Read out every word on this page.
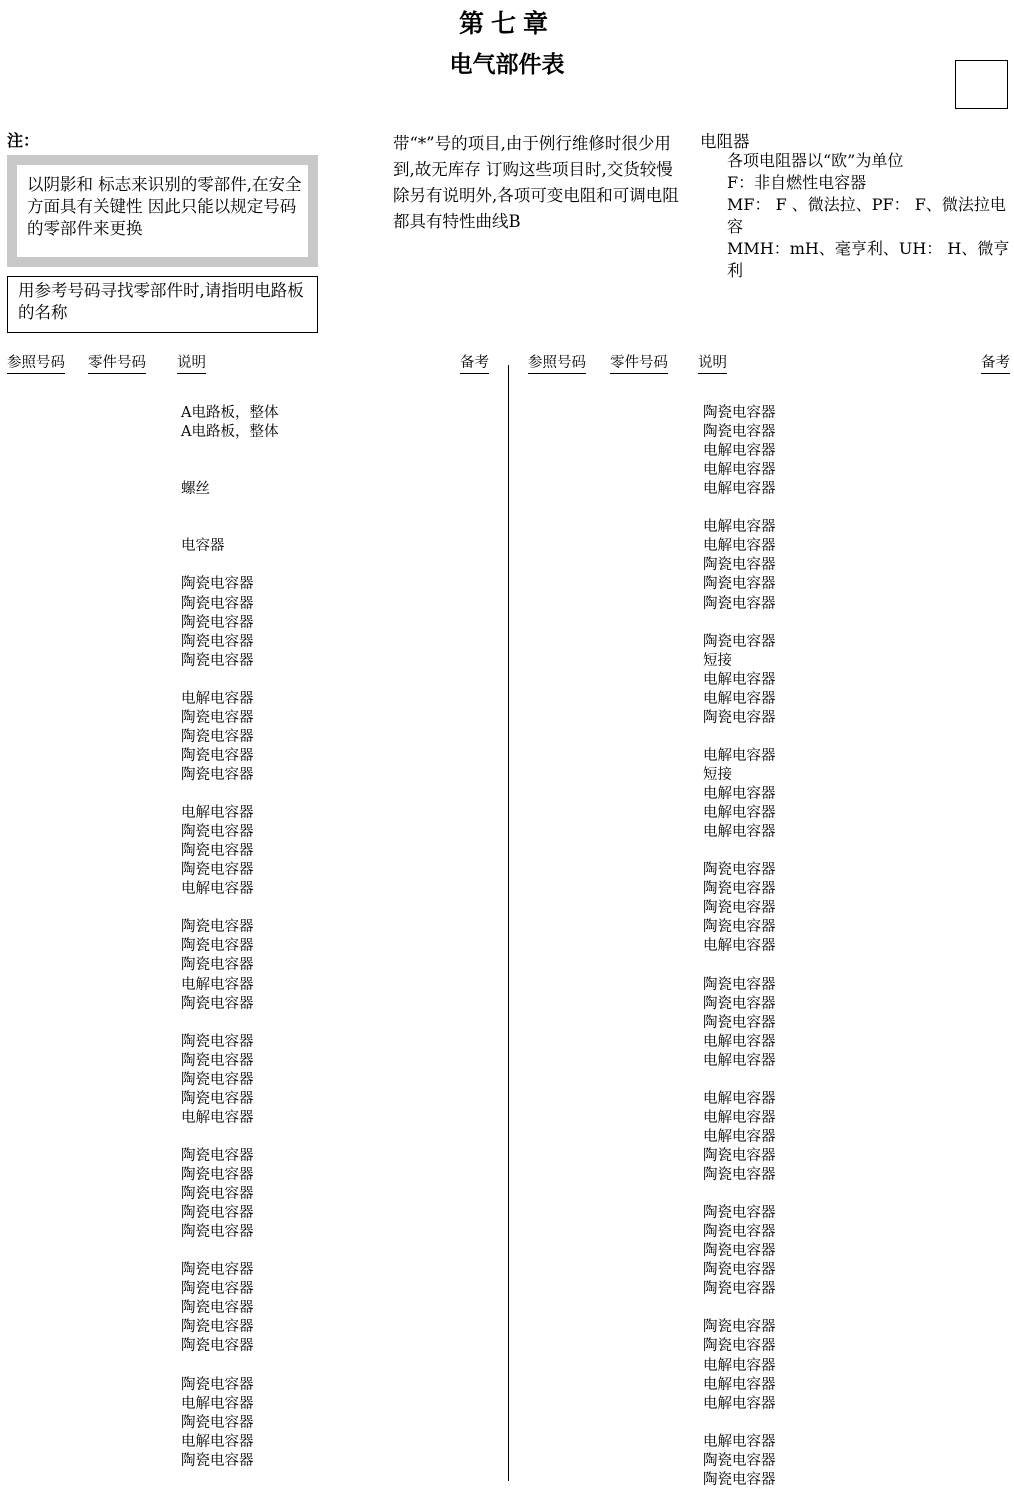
第七章
电气部件表
注：
以阴影和 标志来识别的零部件,在安全方面具有关键性 因此只能以规定号码的零部件来更换
用参考号码寻找零部件时,请指明电路板的名称
带“*”号的项目,由于例行维修时很少用到,故无库存 订购这些项目时,交货较慢
除另有说明外,各项可变电阻和可调电阻都具有特性曲线B
电阻器
各项电阻器以“欧”为单位
F：非自燃性电容器
MF： F 、微法拉、PF： F、微法拉电容
MMH：mH、毫亨利、UH： H、微亨利
参照号码 零件号码 说明	备考	参照号码 零件号码 说明	备考
A电路板，整体
A电路板，整体
螺丝
电容器
陶瓷电容器
陶瓷电容器
陶瓷电容器
陶瓷电容器
陶瓷电容器
电解电容器
陶瓷电容器
陶瓷电容器
陶瓷电容器
陶瓷电容器
电解电容器
陶瓷电容器
陶瓷电容器
陶瓷电容器
电解电容器
陶瓷电容器
陶瓷电容器
陶瓷电容器
电解电容器
陶瓷电容器
陶瓷电容器
陶瓷电容器
陶瓷电容器
陶瓷电容器
电解电容器
陶瓷电容器
陶瓷电容器
陶瓷电容器
陶瓷电容器
陶瓷电容器
陶瓷电容器
陶瓷电容器
陶瓷电容器
陶瓷电容器
陶瓷电容器
陶瓷电容器
电解电容器
陶瓷电容器
电解电容器
陶瓷电容器
陶瓷电容器
陶瓷电容器
电解电容器
电解电容器
电解电容器
电解电容器
电解电容器
陶瓷电容器
陶瓷电容器
陶瓷电容器
陶瓷电容器
短接
电解电容器
电解电容器
陶瓷电容器
电解电容器
短接
电解电容器
电解电容器
电解电容器
陶瓷电容器
陶瓷电容器
陶瓷电容器
陶瓷电容器
电解电容器
陶瓷电容器
陶瓷电容器
陶瓷电容器
电解电容器
电解电容器
电解电容器
电解电容器
电解电容器
陶瓷电容器
陶瓷电容器
陶瓷电容器
陶瓷电容器
陶瓷电容器
陶瓷电容器
陶瓷电容器
陶瓷电容器
陶瓷电容器
电解电容器
电解电容器
电解电容器
电解电容器
陶瓷电容器
陶瓷电容器
